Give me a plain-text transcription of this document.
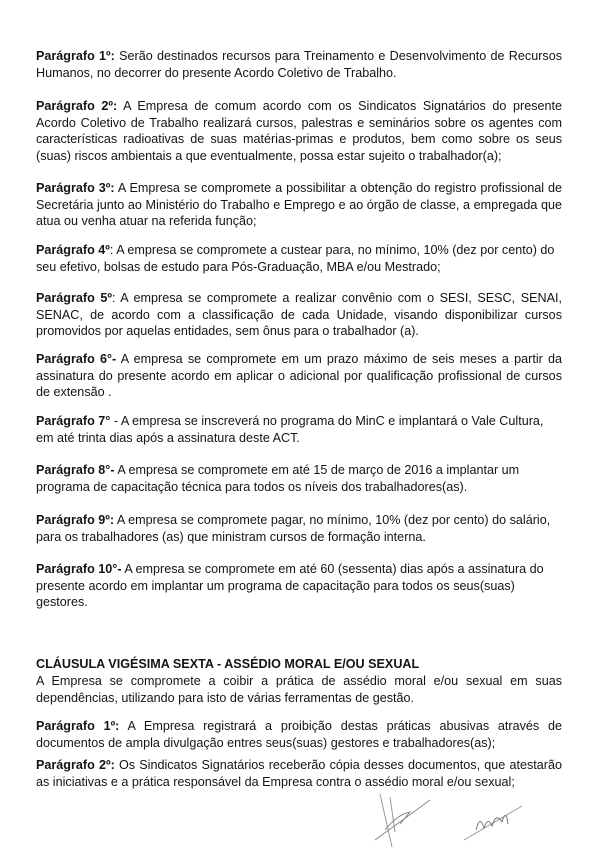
Parágrafo 1º: Serão destinados recursos para Treinamento e Desenvolvimento de Recursos Humanos, no decorrer do presente Acordo Coletivo de Trabalho.

Parágrafo 2º: A Empresa de comum acordo com os Sindicatos Signatários do presente Acordo Coletivo de Trabalho realizará cursos, palestras e seminários sobre os agentes com características radioativas de suas matérias-primas e produtos, bem como sobre os seus (suas) riscos ambientais a que eventualmente, possa estar sujeito o trabalhador(a);

Parágrafo 3º: A Empresa se compromete a possibilitar a obtenção do registro profissional de Secretária junto ao Ministério do Trabalho e Emprego e ao órgão de classe, a empregada que atua ou venha atuar na referida função;

Parágrafo 4º: A empresa se compromete a custear para, no mínimo, 10% (dez por cento) do seu efetivo, bolsas de estudo para Pós-Graduação, MBA e/ou Mestrado;

Parágrafo 5º: A empresa se compromete a realizar convênio com o SESI, SESC, SENAI, SENAC, de acordo com a classificação de cada Unidade, visando disponibilizar cursos promovidos por aquelas entidades, sem ônus para o trabalhador (a).

Parágrafo 6°- A empresa se compromete em um prazo máximo de seis meses a partir da assinatura do presente acordo em aplicar o adicional por qualificação profissional de cursos de extensão .

Parágrafo 7° - A empresa se inscreverá no programa do MinC e implantará o Vale Cultura, em até trinta dias após a assinatura deste ACT.

Parágrafo 8°- A empresa se compromete em até 15 de março de 2016 a implantar um programa de capacitação técnica para todos os níveis dos trabalhadores(as).

Parágrafo 9º: A empresa se compromete pagar, no mínimo, 10% (dez por cento) do salário, para os trabalhadores (as) que ministram cursos de formação interna.

Parágrafo 10°- A empresa se compromete em até 60 (sessenta) dias após a assinatura do presente acordo em implantar um programa de capacitação para todos os seus(suas) gestores.

CLÁUSULA VIGÉSIMA SEXTA - ASSÉDIO MORAL E/OU SEXUAL

A Empresa se compromete a coibir a prática de assédio moral e/ou sexual em suas dependências, utilizando para isto de várias ferramentas de gestão.

Parágrafo 1º: A Empresa registrará a proibição destas práticas abusivas através de documentos de ampla divulgação entres seus(suas) gestores e trabalhadores(as);

Parágrafo 2º: Os Sindicatos Signatários receberão cópia desses documentos, que atestarão as iniciativas e a prática responsável da Empresa contra o assédio moral e/ou sexual;
